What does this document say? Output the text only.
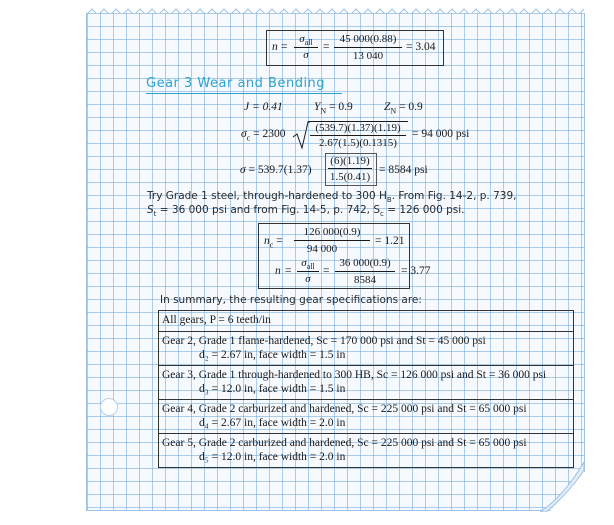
n =
$\sigma_{all}$
σ
=
45 000(0.88)
13 040
= 3.04
Gear 3 Wear and Bending
J = 0.41	$Y_N = 0.9$	$Z_N = 0.9$
$\sigma_c = 2300$	(539.7)(1.37)(1.19)
2.67(1.5)(0.1315)
= 94 000 psi
σ = 539.7(1.37)
(6)(1.19)
1.5(0.41)
= 8584 psi
Try Grade 1 steel, through-hardened to 300 $H_B$. From Fig. 14-2, p. 739,
$S_t = 36$ 000 psi and from Fig. 14-5, p. 742, $S_c = 126$ 000 psi.
$n_c$ =
126 000(0.9)
94 000
= 1.21
n =
$\sigma_{all}$
σ
=
36 000(0.9)
8584
= 3.77
In summary, the resulting gear specifications are:
All gears, P = 6 teeth/in
Gear 2, Grade 1 flame-hardened, Sc = 170 000 psi and St = 45 000 psi
d₂ = 2.67 in, face width = 1.5 in
Gear 3, Grade 1 through-hardened to 300 HB, Sc = 126 000 psi and St = 36 000 psi
d₃ = 12.0 in, face width = 1.5 in
Gear 4, Grade 2 carburized and hardened, Sc = 225 000 psi and St = 65 000 psi
d₄ = 2.67 in, face width = 2.0 in
Gear 5, Grade 2 carburized and hardened, Sc = 225 000 psi and St = 65 000 psi
d₅ = 12.0 in, face width = 2.0 in
